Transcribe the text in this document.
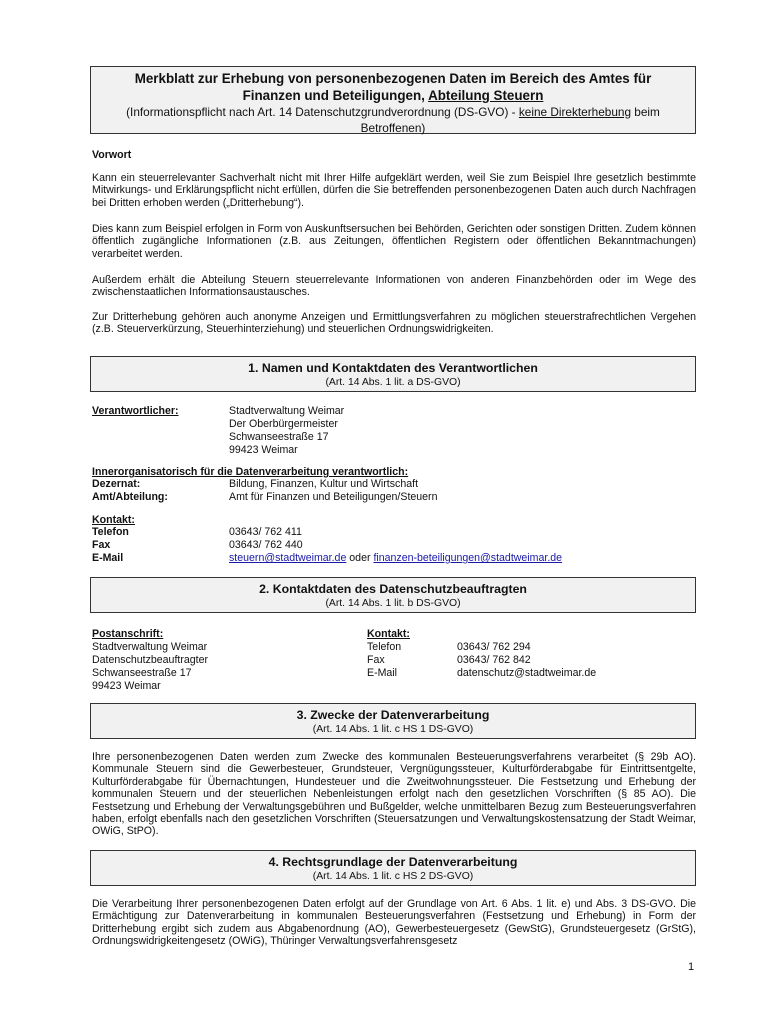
Merkblatt zur Erhebung von personenbezogenen Daten im Bereich des Amtes für
Finanzen und Beteiligungen, Abteilung Steuern
(Informationspflicht nach Art. 14 Datenschutzgrundverordnung (DS-GVO) - keine Direkterhebung beim
Betroffenen)
Vorwort
Kann ein steuerrelevanter Sachverhalt nicht mit Ihrer Hilfe aufgeklärt werden, weil Sie zum Beispiel Ihre gesetzlich bestimmte Mitwirkungs- und Erklärungspflicht nicht erfüllen, dürfen die Sie betreffenden personenbezogenen Daten auch durch Nachfragen bei Dritten erhoben werden („Dritterhebung“).
Dies kann zum Beispiel erfolgen in Form von Auskunftsersuchen bei Behörden, Gerichten oder sonstigen Dritten. Zudem können öffentlich zugängliche Informationen (z.B. aus Zeitungen, öffentlichen Registern oder öffentlichen Bekanntmachungen) verarbeitet werden.
Außerdem erhält die Abteilung Steuern steuerrelevante Informationen von anderen Finanzbehörden oder im Wege des zwischenstaatlichen Informationsaustausches.
Zur Dritterhebung gehören auch anonyme Anzeigen und Ermittlungsverfahren zu möglichen steuerstrafrechtlichen Vergehen (z.B. Steuerverkürzung, Steuerhinterziehung) und steuerlichen Ordnungswidrigkeiten.
1. Namen und Kontaktdaten des Verantwortlichen
(Art. 14 Abs. 1 lit. a DS-GVO)
Verantwortlicher:	Stadtverwaltung Weimar
Der Oberbürgermeister
Schwanseestraße 17
99423 Weimar
Innerorganisatorisch für die Datenverarbeitung verantwortlich:
Dezernat:	Bildung, Finanzen, Kultur und Wirtschaft
Amt/Abteilung:	Amt für Finanzen und Beteiligungen/Steuern
Kontakt:
Telefon	03643/ 762 411
Fax	03643/ 762 440
E-Mail	steuern@stadtweimar.de oder finanzen-beteiligungen@stadtweimar.de
2. Kontaktdaten des Datenschutzbeauftragten
(Art. 14 Abs. 1 lit. b DS-GVO)
Postanschrift:
Stadtverwaltung Weimar
Datenschutzbeauftragter
Schwanseestraße 17
99423 Weimar
Kontakt:
Telefon	03643/ 762 294
Fax	03643/ 762 842
E-Mail	datenschutz@stadtweimar.de
3. Zwecke der Datenverarbeitung
(Art. 14 Abs. 1 lit. c HS 1 DS-GVO)
Ihre personenbezogenen Daten werden zum Zwecke des kommunalen Besteuerungsverfahrens verarbeitet (§ 29b AO). Kommunale Steuern sind die Gewerbesteuer, Grundsteuer, Vergnügungssteuer, Kulturförderabgabe für Eintrittsentgelte, Kulturförderabgabe für Übernachtungen, Hundesteuer und die Zweitwohnungssteuer. Die Festsetzung und Erhebung der kommunalen Steuern und der steuerlichen Nebenleistungen erfolgt nach den gesetzlichen Vorschriften (§ 85 AO). Die Festsetzung und Erhebung der Verwaltungsgebühren und Bußgelder, welche unmittelbaren Bezug zum Besteuerungsverfahren haben, erfolgt ebenfalls nach den gesetzlichen Vorschriften (Steuersatzungen und Verwaltungskostensatzung der Stadt Weimar, OWiG, StPO).
4. Rechtsgrundlage der Datenverarbeitung
(Art. 14 Abs. 1 lit. c HS 2 DS-GVO)
Die Verarbeitung Ihrer personenbezogenen Daten erfolgt auf der Grundlage von Art. 6 Abs. 1 lit. e) und Abs. 3 DS-GVO. Die Ermächtigung zur Datenverarbeitung in kommunalen Besteuerungsverfahren (Festsetzung und Erhebung) in Form der Dritterhebung ergibt sich zudem aus Abgabenordnung (AO), Gewerbesteuergesetz (GewStG), Grundsteuergesetz (GrStG), Ordnungswidrigkeitengesetz (OWiG), Thüringer Verwaltungsverfahrensgesetz
1
